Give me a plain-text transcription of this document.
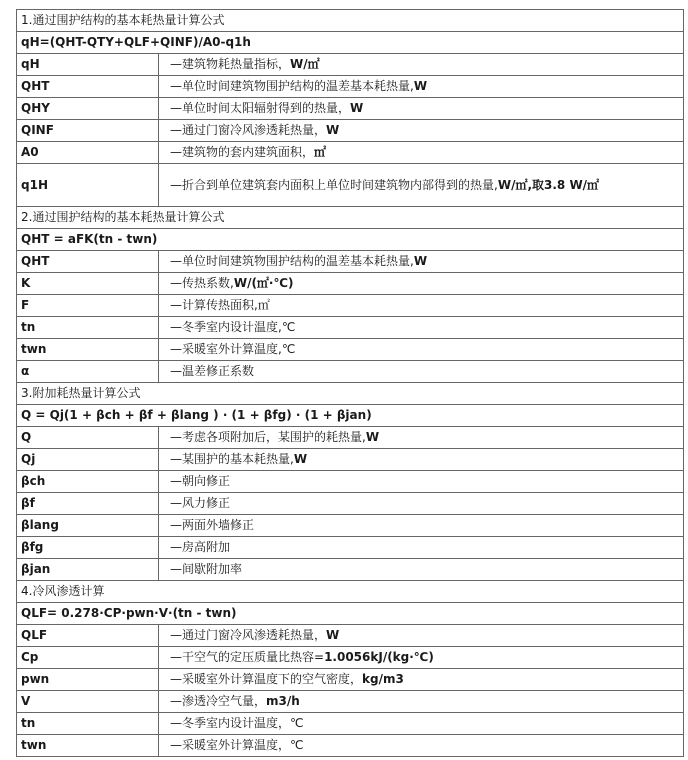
1.通过围护结构的基本耗热量计算公式	
qH=(QHT-QTY+QLF+QINF)/A0-q1h	
qH	—建筑物耗热量指标，W/㎡
QHT	—单位时间建筑物围护结构的温差基本耗热量,W
QHY	—单位时间太阳辐射得到的热量，W
QINF	—通过门窗冷风渗透耗热量，W
A0	—建筑物的套内建筑面积，㎡
q1H	—折合到单位建筑套内面积上单位时间建筑物内部得到的热量,W/㎡,取3.8 W/㎡
2.通过围护结构的基本耗热量计算公式	
QHT = aFK(tn - twn)	
QHT	—单位时间建筑物围护结构的温差基本耗热量,W
K	—传热系数,W/(㎡·℃)
F	—计算传热面积,㎡
tn	—冬季室内设计温度,℃
twn	—采暖室外计算温度,℃
α	—温差修正系数
3.附加耗热量计算公式	
Q = Qj(1 + βch + βf + βlang ) · (1 + βfg) · (1 + βjan)	
Q	—考虑各项附加后，某围护的耗热量,W
Qj	—某围护的基本耗热量,W
βch	—朝向修正
βf	—风力修正
βlang	—两面外墙修正
βfg	—房高附加
βjan	—间歇附加率
4.冷风渗透计算	
QLF= 0.278·CP·pwn·V·(tn - twn)	
QLF	—通过门窗冷风渗透耗热量，W
Cp	—干空气的定压质量比热容=1.0056kJ/(kg·℃)
pwn	—采暖室外计算温度下的空气密度，kg/m3
V	—渗透冷空气量，m3/h
tn	—冬季室内设计温度，℃
twn	—采暖室外计算温度，℃
